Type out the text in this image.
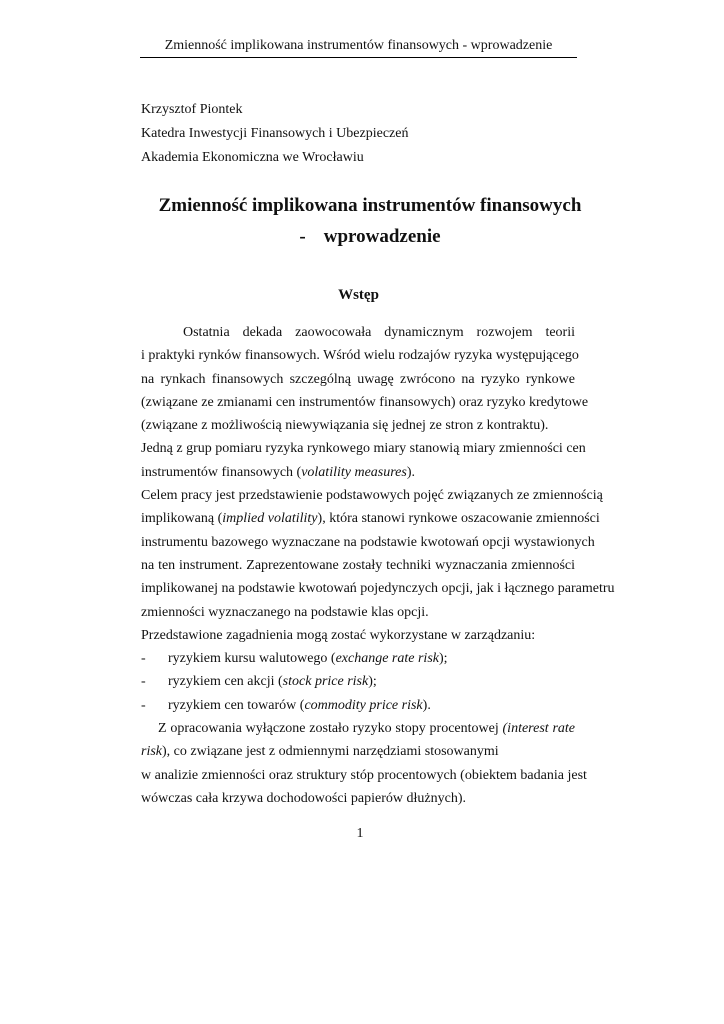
Zmienność implikowana instrumentów finansowych - wprowadzenie
Krzysztof Piontek
Katedra Inwestycji Finansowych i Ubezpieczeń
Akademia Ekonomiczna we Wrocławiu
Zmienność implikowana instrumentów finansowych
- wprowadzenie
Wstęp
Ostatnia dekada zaowocowała dynamicznym rozwojem teorii
i praktyki rynków finansowych. Wśród wielu rodzajów ryzyka występującego
na rynkach finansowych szczególną uwagę zwrócono na ryzyko rynkowe
(związane ze zmianami cen instrumentów finansowych) oraz ryzyko kredytowe
(związane z możliwością niewywiązania się jednej ze stron z kontraktu).
Jedną z grup pomiaru ryzyka rynkowego miary stanowią miary zmienności cen
instrumentów finansowych (volatility measures).
Celem pracy jest przedstawienie podstawowych pojęć związanych ze zmiennością
implikowaną (implied volatility), która stanowi rynkowe oszacowanie zmienności
instrumentu bazowego wyznaczane na podstawie kwotowań opcji wystawionych
na ten instrument. Zaprezentowane zostały techniki wyznaczania zmienności
implikowanej na podstawie kwotowań pojedynczych opcji, jak i łącznego parametru
zmienności wyznaczanego na podstawie klas opcji.
Przedstawione zagadnienia mogą zostać wykorzystane w zarządzaniu:
-	ryzykiem kursu walutowego (exchange rate risk);
-	ryzykiem cen akcji (stock price risk);
-	ryzykiem cen towarów (commodity price risk).
Z opracowania wyłączone zostało ryzyko stopy procentowej (interest rate
risk), co związane jest z odmiennymi narzędziami stosowanymi
w analizie zmienności oraz struktury stóp procentowych (obiektem badania jest
wówczas cała krzywa dochodowości papierów dłużnych).
1
